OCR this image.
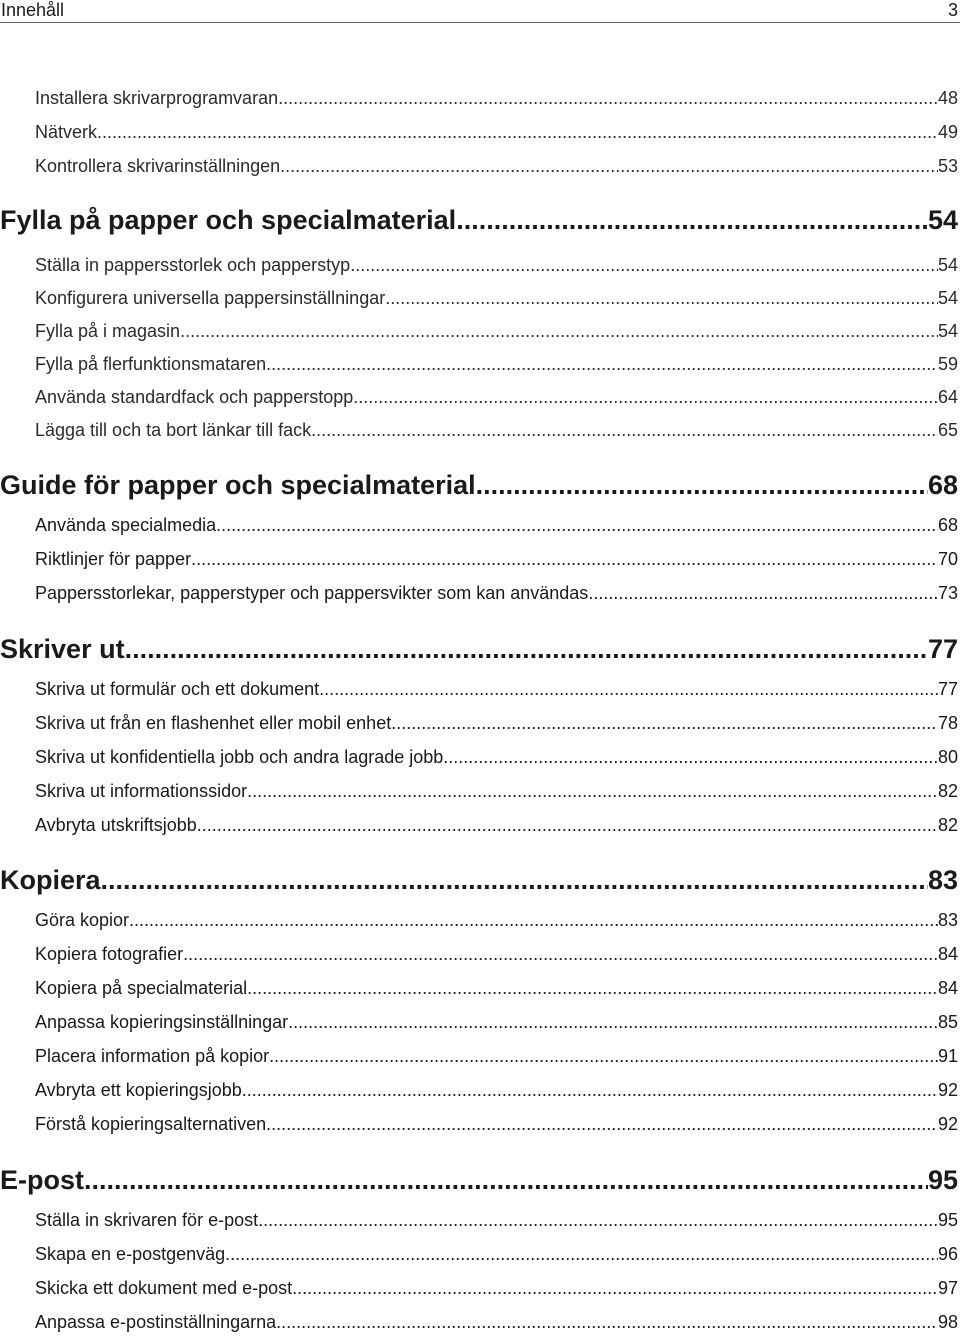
Innehåll	3
Installera skrivarprogramvaran .....	48
Nätverk .....	49
Kontrollera skrivarinställningen .....	53
Fylla på papper och specialmaterial .....	54
Ställa in pappersstorlek och papperstyp .....	54
Konfigurera universella pappersinställningar .....	54
Fylla på i magasin .....	54
Fylla på flerfunktionsmataren .....	59
Använda standardfack och papperstopp .....	64
Lägga till och ta bort länkar till fack .....	65
Guide för papper och specialmaterial .....	68
Använda specialmedia .....	68
Riktlinjer för papper .....	70
Pappersstorlekar, papperstyper och pappersvikter som kan användas .....	73
Skriver ut .....	77
Skriva ut formulär och ett dokument .....	77
Skriva ut från en flashenhet eller mobil enhet .....	78
Skriva ut konfidentiella jobb och andra lagrade jobb .....	80
Skriva ut informationssidor .....	82
Avbryta utskriftsjobb .....	82
Kopiera .....	83
Göra kopior .....	83
Kopiera fotografier .....	84
Kopiera på specialmaterial .....	84
Anpassa kopieringsinställningar .....	85
Placera information på kopior .....	91
Avbryta ett kopieringsjobb .....	92
Förstå kopieringsalternativen .....	92
E-post .....	95
Ställa in skrivaren för e-post .....	95
Skapa en e-postgenväg .....	96
Skicka ett dokument med e-post .....	97
Anpassa e-postinställningarna .....	98
